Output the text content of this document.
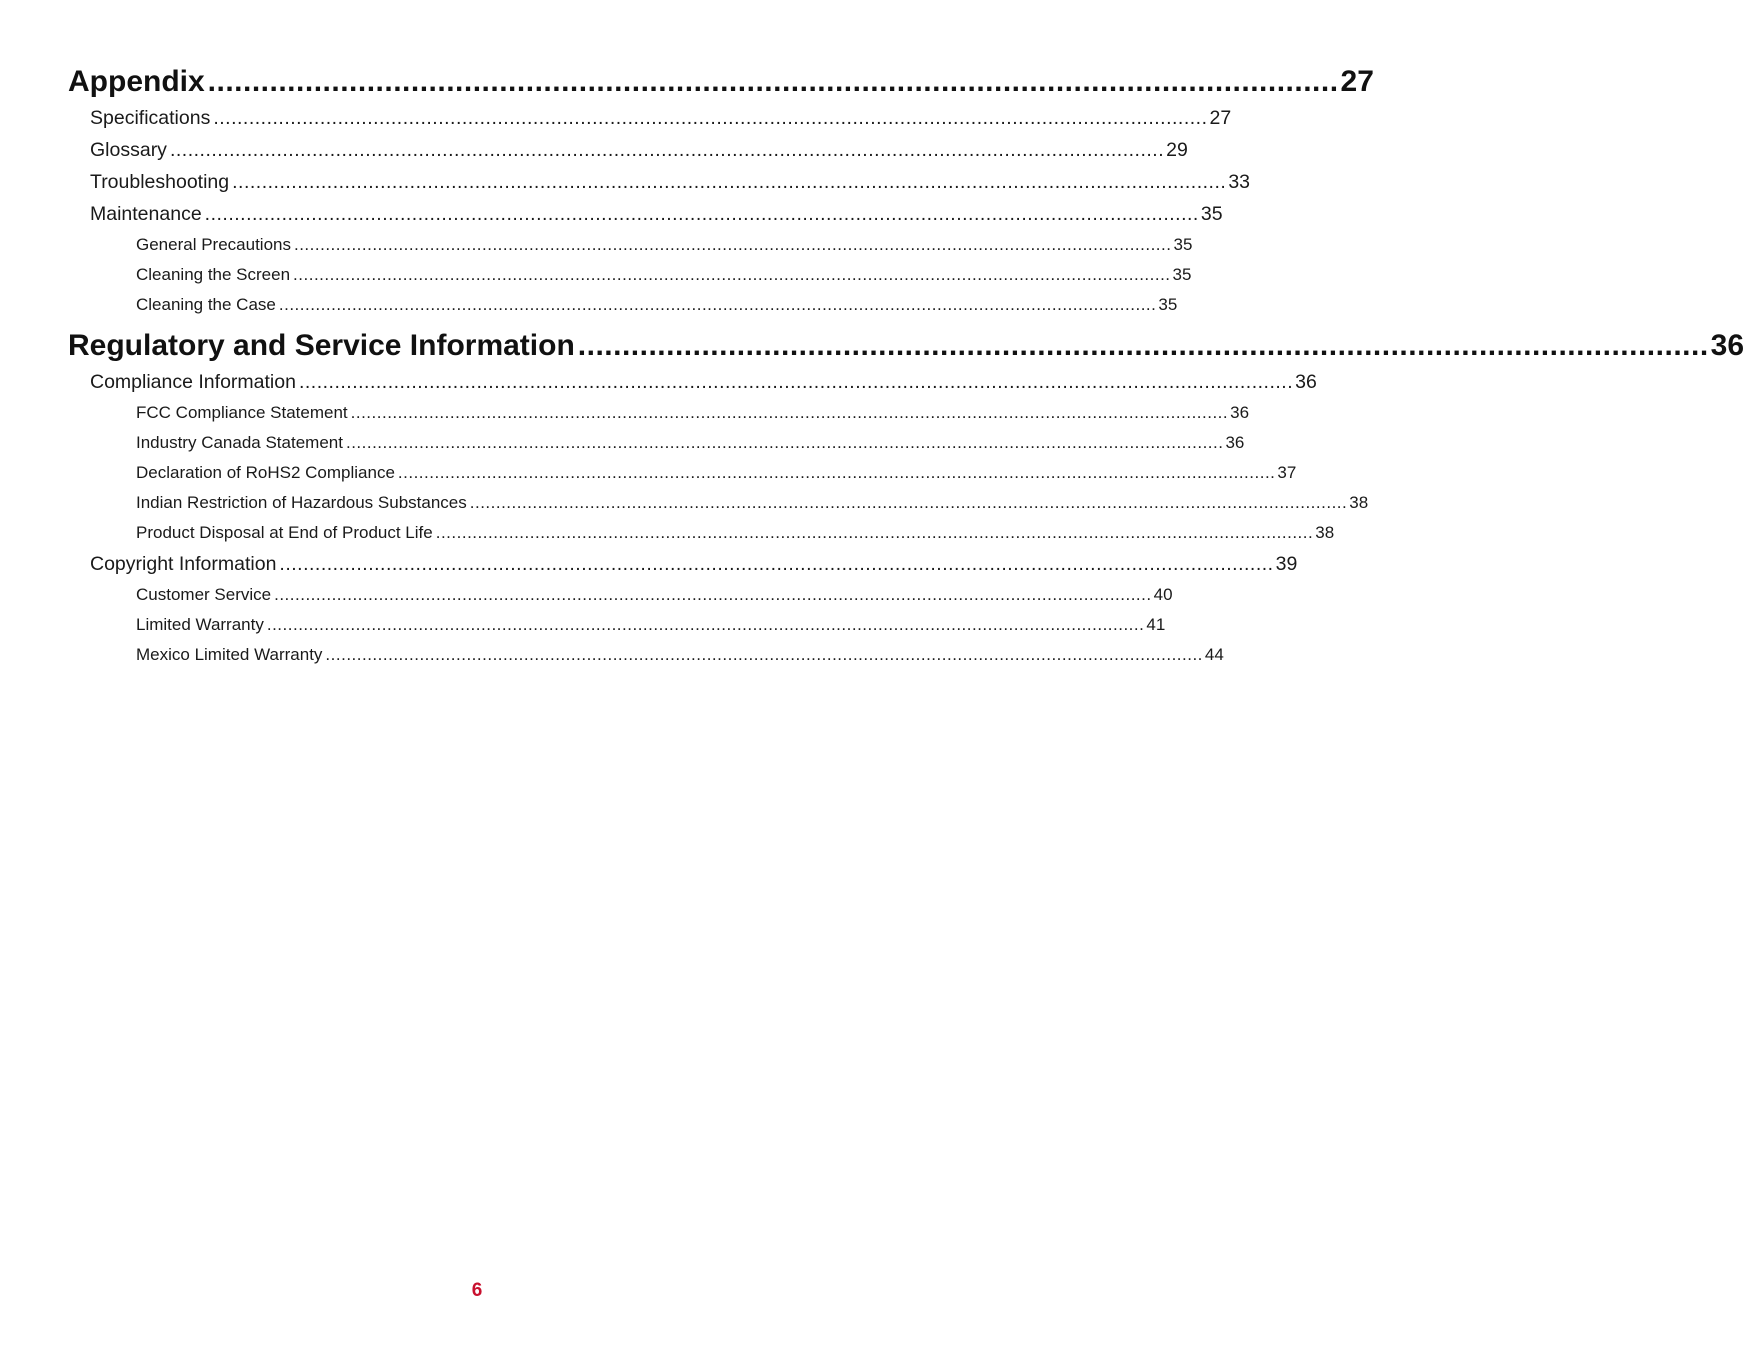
Appendix ................................................................................................................................ 27
Specifications ........................................................................................................................................................................ 27
Glossary ........................................................................................................................................................................ 29
Troubleshooting ........................................................................................................................................................................ 33
Maintenance ........................................................................................................................................................................ 35
General Precautions ........................................................................................................................................................................ 35
Cleaning the Screen ........................................................................................................................................................................ 35
Cleaning the Case ........................................................................................................................................................................ 35
Regulatory and Service Information ................................................................................................................................ 36
Compliance Information ........................................................................................................................................................................ 36
FCC Compliance Statement ........................................................................................................................................................................ 36
Industry Canada Statement ........................................................................................................................................................................ 36
Declaration of RoHS2 Compliance ........................................................................................................................................................................ 37
Indian Restriction of Hazardous Substances ........................................................................................................................................................................ 38
Product Disposal at End of Product Life ........................................................................................................................................................................ 38
Copyright Information ........................................................................................................................................................................ 39
Customer Service ........................................................................................................................................................................ 40
Limited Warranty ........................................................................................................................................................................ 41
Mexico Limited Warranty ........................................................................................................................................................................ 44
6
